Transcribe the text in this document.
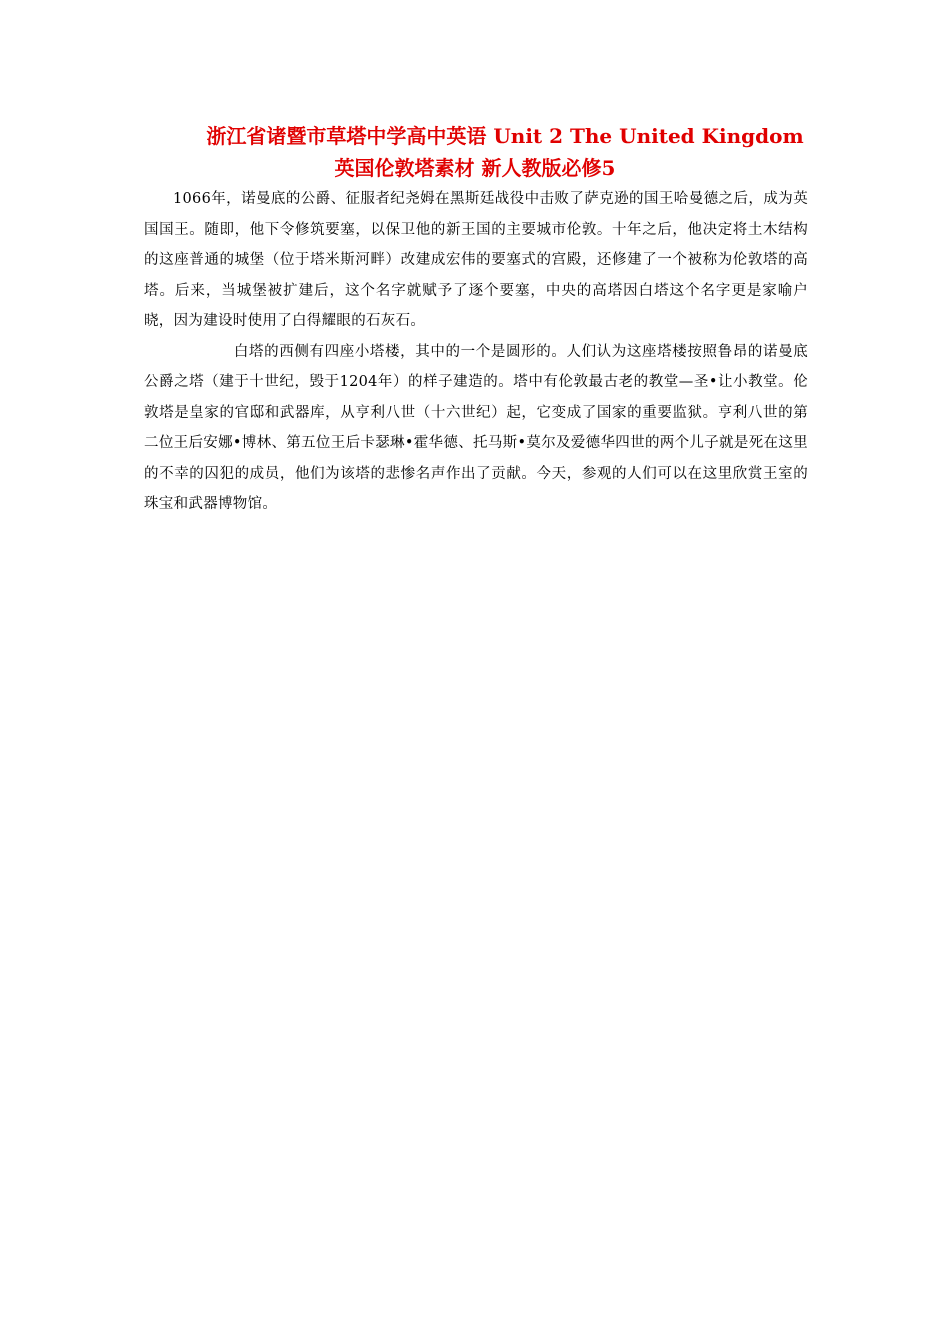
浙江省诸暨市草塔中学高中英语 Unit 2 The United Kingdom
英国伦敦塔素材 新人教版必修5

1066年，诺曼底的公爵、征服者纪尧姆在黑斯廷战役中击败了萨克逊的国王哈曼德之后，成为英国国王。随即，他下令修筑要塞，以保卫他的新王国的主要城市伦敦。十年之后，他决定将土木结构的这座普通的城堡（位于塔米斯河畔）改建成宏伟的要塞式的宫殿，还修建了一个被称为伦敦塔的高塔。后来，当城堡被扩建后，这个名字就赋予了逐个要塞，中央的高塔因白塔这个名字更是家喻户晓，因为建设时使用了白得耀眼的石灰石。

白塔的西侧有四座小塔楼，其中的一个是圆形的。人们认为这座塔楼按照鲁昂的诺曼底公爵之塔（建于十世纪，毁于1204年）的样子建造的。塔中有伦敦最古老的教堂—圣•让小教堂。伦敦塔是皇家的官邸和武器库，从亨利八世（十六世纪）起，它变成了国家的重要监狱。亨利八世的第二位王后安娜•博林、第五位王后卡瑟琳•霍华德、托马斯•莫尔及爱德华四世的两个儿子就是死在这里的不幸的囚犯的成员，他们为该塔的悲惨名声作出了贡献。今天，参观的人们可以在这里欣赏王室的珠宝和武器博物馆。
